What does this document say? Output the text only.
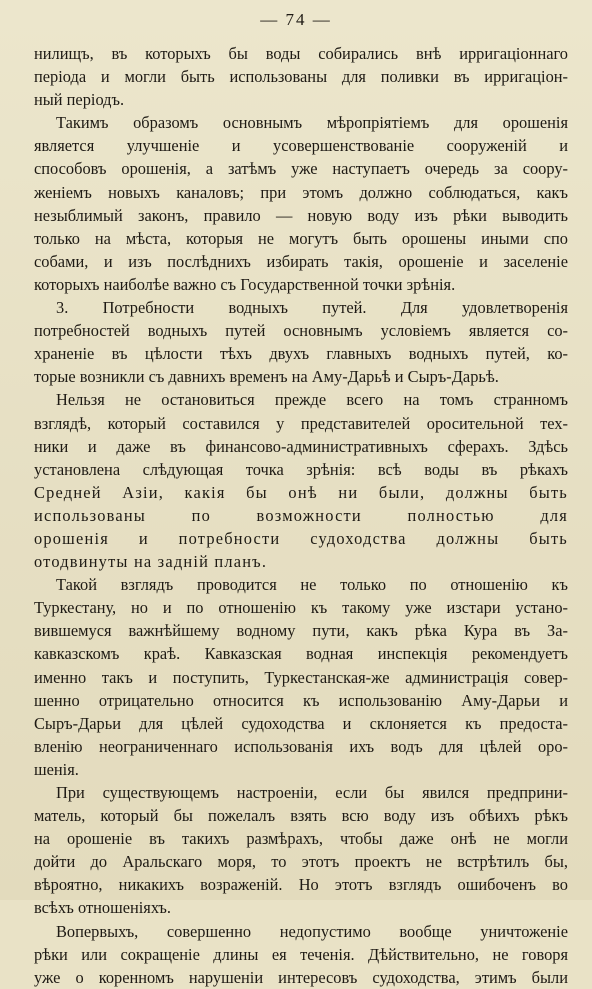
— 74 —
нилищъ, въ которыхъ бы воды собирались внѣ ирригаціоннаго
періода и могли быть использованы для поливки въ ирригаціон-
ный періодъ.
Такимъ образомъ основнымъ мѣропріятіемъ для орошенія
является улучшеніе и усовершенствованіе сооруженій и
способовъ орошенія, а затѣмъ уже наступаетъ очередь за соору-
женіемъ новыхъ каналовъ; при этомъ должно соблюдаться, какъ
незыблимый законъ, правило — новую воду изъ рѣки выводить
только на мѣста, которыя не могутъ быть орошены иными спо
собами, и изъ послѣднихъ избирать такія, орошеніе и заселеніе
которыхъ наиболѣе важно съ Государственной точки зрѣнія.
3. Потребности водныхъ путей. Для удовлетворенія
потребностей водныхъ путей основнымъ условіемъ является со-
храненіе въ цѣлости тѣхъ двухъ главныхъ водныхъ путей, ко-
торые возникли съ давнихъ временъ на Аму-Дарьѣ и Сыръ-Дарьѣ.
Нельзя не остановиться прежде всего на томъ странномъ
взглядѣ, который составился у представителей оросительной тех-
ники и даже въ финансово-административныхъ сферахъ. Здѣсь
установлена слѣдующая точка зрѣнія: всѣ воды въ рѣкахъ
Средней Азіи, какія бы онѣ ни были, должны быть
использованы по возможности полностью для
орошенія и потребности судоходства должны быть
отодвинуты на задній планъ.
Такой взглядъ проводится не только по отношенію къ
Туркестану, но и по отношенію къ такому уже изстари устано-
вившемуся важнѣйшему водному пути, какъ рѣка Кура въ За-
кавказскомъ краѣ. Кавказская водная инспекція рекомендуетъ
именно такъ и поступить, Туркестанская-же администрація совер-
шенно отрицательно относится къ использованію Аму-Дарьи и
Сыръ-Дарьи для цѣлей судоходства и склоняется къ предоста-
вленію неограниченнаго использованія ихъ водъ для цѣлей оро-
шенія.
При существующемъ настроеніи, если бы явился предприни-
матель, который бы пожелалъ взять всю воду изъ обѣихъ рѣкъ
на орошеніе въ такихъ размѣрахъ, чтобы даже онѣ не могли
дойти до Аральскаго моря, то этотъ проектъ не встрѣтилъ бы,
вѣроятно, никакихъ возраженій. Но этотъ взглядъ ошибоченъ во
всѣхъ отношеніяхъ.
Вопервыхъ, совершенно недопустимо вообще уничтоженіе
рѣки или сокращеніе длины ея теченія. Дѣйствительно, не говоря
уже о коренномъ нарушеніи интересовъ судоходства, этимъ были
